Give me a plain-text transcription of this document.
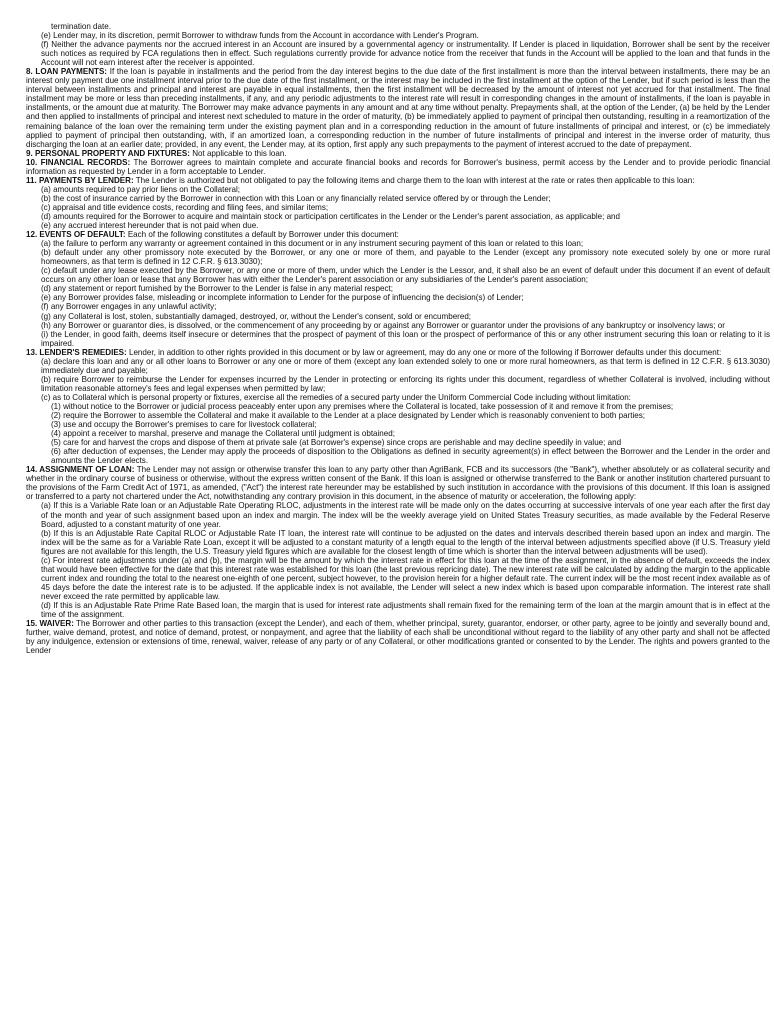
termination date.

(e) Lender may, in its discretion, permit Borrower to withdraw funds from the Account in accordance with Lender's Program.

(f) Neither the advance payments nor the accrued interest in an Account are insured by a governmental agency or instrumentality. If Lender is placed in liquidation, Borrower shall be sent by the receiver such notices as required by FCA regulations then in effect. Such regulations currently provide for advance notice from the receiver that funds in the Account will be applied to the loan and that funds in the Account will not earn interest after the receiver is appointed.

8. LOAN PAYMENTS: If the loan is payable in installments and the period from the day interest begins to the due date of the first installment is more than the interval between installments, there may be an interest only payment due one installment interval prior to the due date of the first installment, or the interest may be included in the first installment at the option of the Lender, but if such period is less than the interval between installments and principal and interest are payable in equal installments, then the first installment will be decreased by the amount of interest not yet accrued for that installment. The final installment may be more or less than preceding installments, if any, and any periodic adjustments to the interest rate will result in corresponding changes in the amount of installments, if the loan is payable in installments, or the amount due at maturity. The Borrower may make advance payments in any amount and at any time without penalty. Prepayments shall, at the option of the Lender, (a) be held by the Lender and then applied to installments of principal and interest next scheduled to mature in the order of maturity, (b) be immediately applied to payment of principal then outstanding, resulting in a reamortization of the remaining balance of the loan over the remaining term under the existing payment plan and in a corresponding reduction in the amount of future installments of principal and interest, or (c) be immediately applied to payment of principal then outstanding, with, if an amortized loan, a corresponding reduction in the number of future installments of principal and interest in the inverse order of maturity, thus discharging the loan at an earlier date; provided, in any event, the Lender may, at its option, first apply any such prepayments to the payment of interest accrued to the date of prepayment.

9. PERSONAL PROPERTY AND FIXTURES: Not applicable to this loan.

10. FINANCIAL RECORDS: The Borrower agrees to maintain complete and accurate financial books and records for Borrower's business, permit access by the Lender and to provide periodic financial information as requested by Lender in a form acceptable to Lender.

11. PAYMENTS BY LENDER: The Lender is authorized but not obligated to pay the following items and charge them to the loan with interest at the rate or rates then applicable to this loan:

(a) amounts required to pay prior liens on the Collateral;

(b) the cost of insurance carried by the Borrower in connection with this Loan or any financially related service offered by or through the Lender;

(c) appraisal and title evidence costs, recording and filing fees, and similar items;

(d) amounts required for the Borrower to acquire and maintain stock or participation certificates in the Lender or the Lender's parent association, as applicable; and

(e) any accrued interest hereunder that is not paid when due.

12. EVENTS OF DEFAULT: Each of the following constitutes a default by Borrower under this document:

(a) the failure to perform any warranty or agreement contained in this document or in any instrument securing payment of this loan or related to this loan;

(b) default under any other promissory note executed by the Borrower, or any one or more of them, and payable to the Lender (except any promissory note executed solely by one or more rural homeowners, as that term is defined in 12 C.F.R. § 613.3030);

(c) default under any lease executed by the Borrower, or any one or more of them, under which the Lender is the Lessor, and, it shall also be an event of default under this document if an event of default occurs on any other loan or lease that any Borrower has with either the Lender's parent association or any subsidiaries of the Lender's parent association;

(d) any statement or report furnished by the Borrower to the Lender is false in any material respect;

(e) any Borrower provides false, misleading or incomplete information to Lender for the purpose of influencing the decision(s) of Lender;

(f) any Borrower engages in any unlawful activity;

(g) any Collateral is lost, stolen, substantially damaged, destroyed, or, without the Lender's consent, sold or encumbered;

(h) any Borrower or guarantor dies, is dissolved, or the commencement of any proceeding by or against any Borrower or guarantor under the provisions of any bankruptcy or insolvency laws; or

(i) the Lender, in good faith, deems itself insecure or determines that the prospect of payment of this loan or the prospect of performance of this or any other instrument securing this loan or relating to it is impaired.

13. LENDER'S REMEDIES: Lender, in addition to other rights provided in this document or by law or agreement, may do any one or more of the following if Borrower defaults under this document:

(a) declare this loan and any or all other loans to Borrower or any one or more of them (except any loan extended solely to one or more rural homeowners, as that term is defined in 12 C.F.R. § 613.3030) immediately due and payable;

(b) require Borrower to reimburse the Lender for expenses incurred by the Lender in protecting or enforcing its rights under this document, regardless of whether Collateral is involved, including without limitation reasonable attorney's fees and legal expenses when permitted by law;

(c) as to Collateral which is personal property or fixtures, exercise all the remedies of a secured party under the Uniform Commercial Code including without limitation:

(1) without notice to the Borrower or judicial process peaceably enter upon any premises where the Collateral is located, take possession of it and remove it from the premises;

(2) require the Borrower to assemble the Collateral and make it available to the Lender at a place designated by Lender which is reasonably convenient to both parties;

(3) use and occupy the Borrower's premises to care for livestock collateral;

(4) appoint a receiver to marshal, preserve and manage the Collateral until judgment is obtained;

(5) care for and harvest the crops and dispose of them at private sale (at Borrower's expense) since crops are perishable and may decline speedily in value; and

(6) after deduction of expenses, the Lender may apply the proceeds of disposition to the Obligations as defined in security agreement(s) in effect between the Borrower and the Lender in the order and amounts the Lender elects.

14. ASSIGNMENT OF LOAN: The Lender may not assign or otherwise transfer this loan to any party other than AgriBank, FCB and its successors (the "Bank"), whether absolutely or as collateral security and whether in the ordinary course of business or otherwise, without the express written consent of the Bank. If this loan is assigned or otherwise transferred to the Bank or another institution chartered pursuant to the provisions of the Farm Credit Act of 1971, as amended, ("Act") the interest rate hereunder may be established by such institution in accordance with the provisions of this document. If this loan is assigned or transferred to a party not chartered under the Act, notwithstanding any contrary provision in this document, in the absence of maturity or acceleration, the following apply:

(a) If this is a Variable Rate loan or an Adjustable Rate Operating RLOC, adjustments in the interest rate will be made only on the dates occurring at successive intervals of one year each after the first day of the month and year of such assignment based upon an index and margin. The index will be the weekly average yield on United States Treasury securities, as made available by the Federal Reserve Board, adjusted to a constant maturity of one year.

(b) If this is an Adjustable Rate Capital RLOC or Adjustable Rate IT loan, the interest rate will continue to be adjusted on the dates and intervals described therein based upon an index and margin. The index will be the same as for a Variable Rate Loan, except it will be adjusted to a constant maturity of a length equal to the length of the interval between adjustments specified above (if U.S. Treasury yield figures are not available for this length, the U.S. Treasury yield figures which are available for the closest length of time which is shorter than the interval between adjustments will be used).

(c) For interest rate adjustments under (a) and (b), the margin will be the amount by which the interest rate in effect for this loan at the time of the assignment, in the absence of default, exceeds the index that would have been effective for the date that this interest rate was established for this loan (the last previous repricing date). The new interest rate will be calculated by adding the margin to the applicable current index and rounding the total to the nearest one-eighth of one percent, subject however, to the provision herein for a higher default rate. The current index will be the most recent index available as of 45 days before the date the interest rate is to be adjusted. If the applicable index is not available, the Lender will select a new index which is based upon comparable information. The interest rate shall never exceed the rate permitted by applicable law.

(d) If this is an Adjustable Rate Prime Rate Based loan, the margin that is used for interest rate adjustments shall remain fixed for the remaining term of the loan at the margin amount that is in effect at the time of the assignment.

15. WAIVER: The Borrower and other parties to this transaction (except the Lender), and each of them, whether principal, surety, guarantor, endorser, or other party, agree to be jointly and severally bound and, further, waive demand, protest, and notice of demand, protest, or nonpayment, and agree that the liability of each shall be unconditional without regard to the liability of any other party and shall not be affected by any indulgence, extension or extensions of time, renewal, waiver, release of any party or of any Collateral, or other modifications granted or consented to by the Lender. The rights and powers granted to the Lender
